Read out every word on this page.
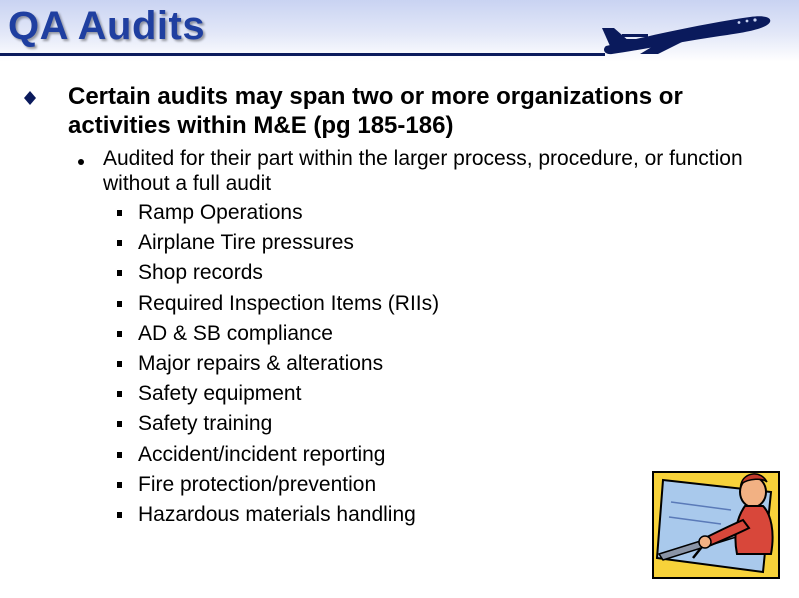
QA Audits
Certain audits may span two or more organizations or activities within M&E (pg 185-186)
Audited for their part within the larger process, procedure, or function without a full audit
Ramp Operations
Airplane Tire pressures
Shop records
Required Inspection Items (RIIs)
AD & SB compliance
Major repairs & alterations
Safety equipment
Safety training
Accident/incident reporting
Fire protection/prevention
Hazardous materials handling
